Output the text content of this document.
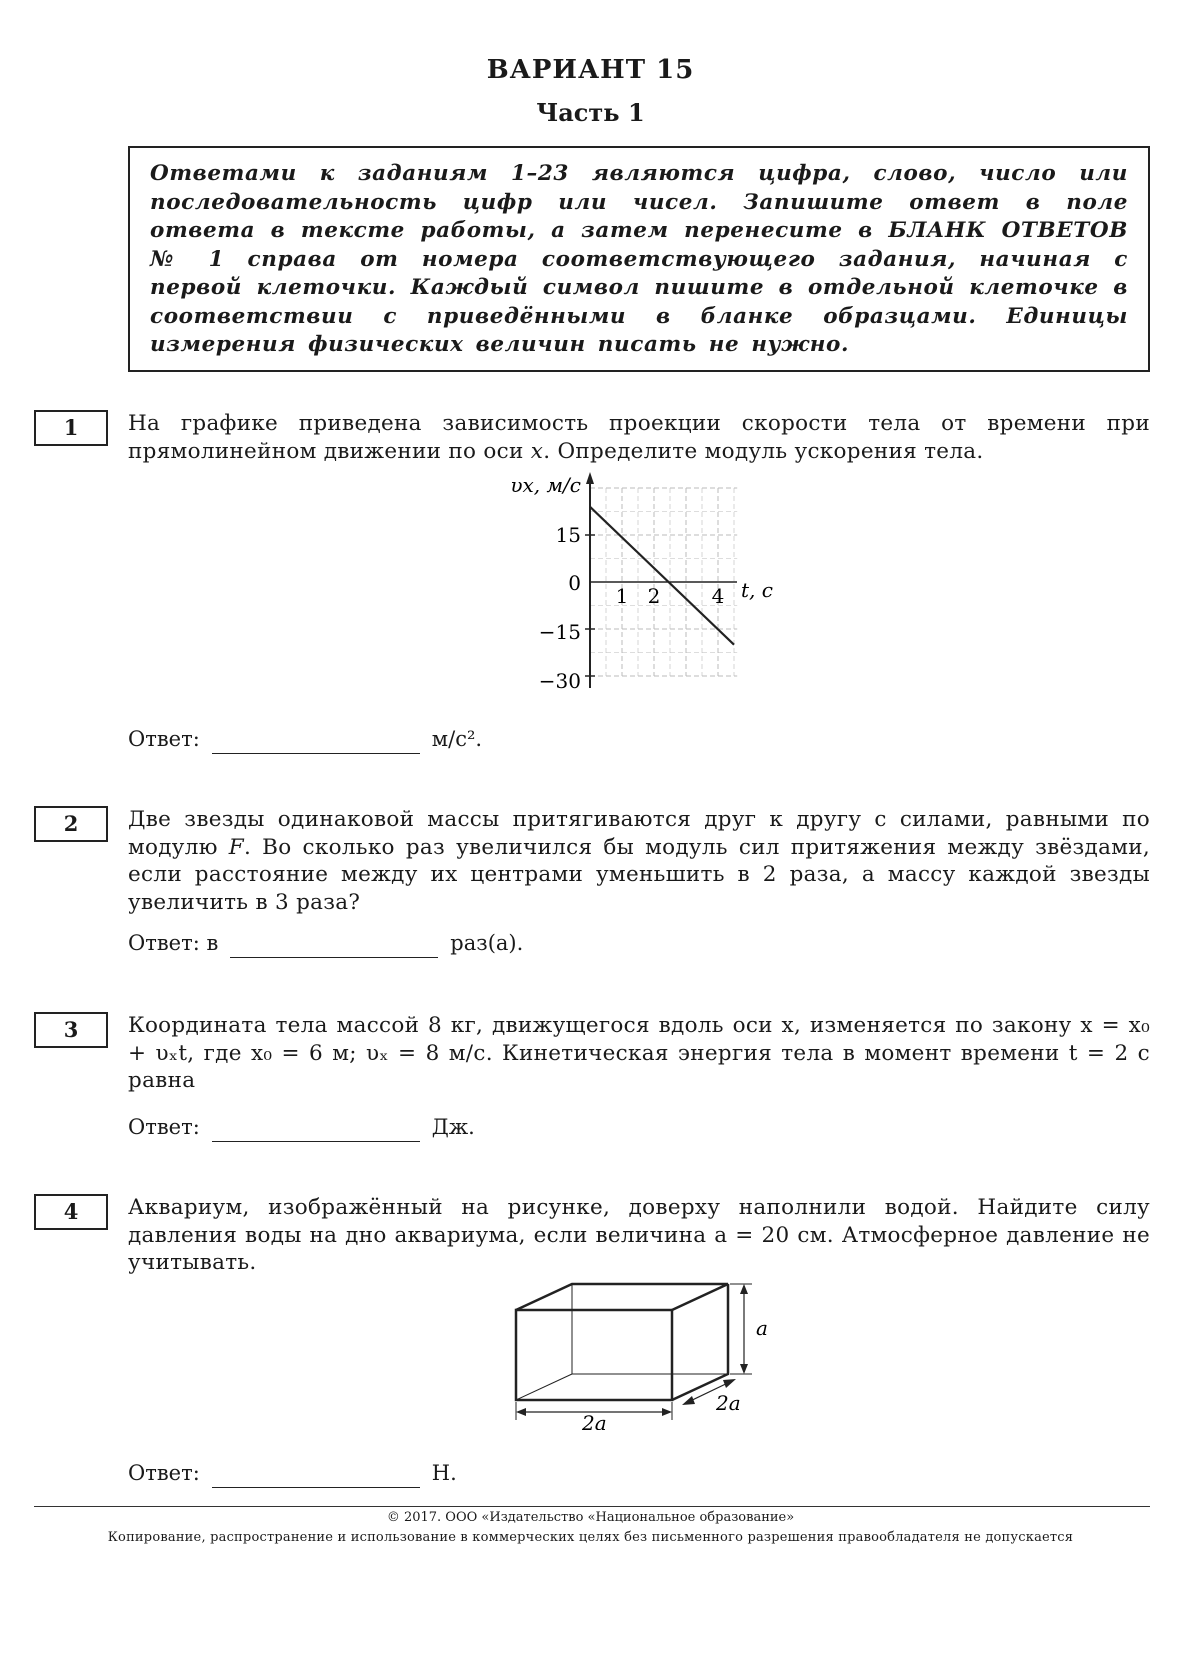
ВАРИАНТ 15
Часть 1
Ответами к заданиям 1–23 являются цифра, слово, число или последовательность цифр или чисел. Запишите ответ в поле ответа в тексте работы, а затем перенесите в БЛАНК ОТВЕТОВ № 1 справа от номера соответствующего задания, начиная с первой клеточки. Каждый символ пишите в отдельной клеточке в соответствии с приведёнными в бланке образцами. Единицы измерения физических величин писать не нужно.
1	На графике приведена зависимость проекции скорости тела от времени при прямолинейном движении по оси x. Определите модуль ускорения тела.
υx, м/с
t, с
15
0
−15
−30
1 2	4
Ответ:	м/с².
2	Две звезды одинаковой массы притягиваются друг к другу с силами, равными по модулю F. Во сколько раз увеличился бы модуль сил притяжения между звёздами, если расстояние между их центрами уменьшить в 2 раза, а массу каждой звезды увеличить в 3 раза?
Ответ: в	раз(а).
3	Координата тела массой 8 кг, движущегося вдоль оси x, изменяется по закону x = x₀ + υₓt, где x₀ = 6 м; υₓ = 8 м/с. Кинетическая энергия тела в момент времени t = 2 с равна
Ответ:	Дж.
4	Аквариум, изображённый на рисунке, доверху наполнили водой. Найдите силу давления воды на дно аквариума, если величина a = 20 см. Атмосферное давление не учитывать.
a
2a
2a
Ответ:	Н.
© 2017. ООО «Издательство «Национальное образование»
Копирование, распространение и использование в коммерческих целях без письменного разрешения правообладателя не допускается
